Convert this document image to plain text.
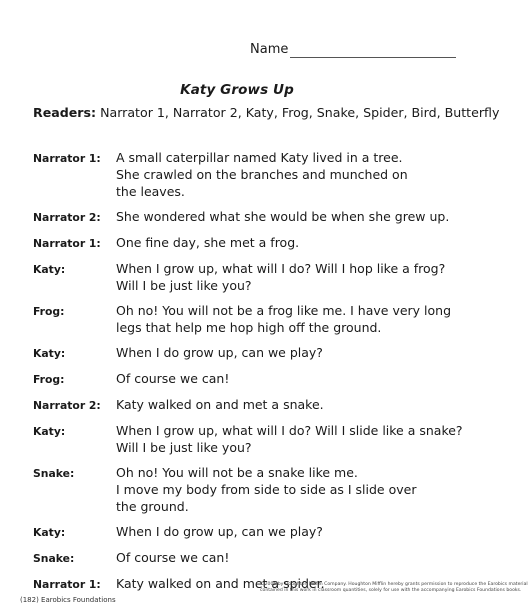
Name
Katy Grows Up
Readers: Narrator 1, Narrator 2, Katy, Frog, Snake, Spider, Bird, Butterfly
Narrator 1:	A small caterpillar named Katy lived in a tree.
She crawled on the branches and munched on
the leaves.
Narrator 2:	She wondered what she would be when she grew up.
Narrator 1:	One fine day, she met a frog.
Katy:	When I grow up, what will I do? Will I hop like a frog?
Will I be just like you?
Frog:	Oh no! You will not be a frog like me. I have very long
legs that help me hop high off the ground.
Katy:	When I do grow up, can we play?
Frog:	Of course we can!
Narrator 2:	Katy walked on and met a snake.
Katy:	When I grow up, what will I do? Will I slide like a snake?
Will I be just like you?
Snake:	Oh no! You will not be a snake like me.
I move my body from side to side as I slide over
the ground.
Katy:	When I do grow up, can we play?
Snake:	Of course we can!
Narrator 1:	Katy walked on and met a spider.
(182) Earobics Foundations
©2006 by Houghton Mifflin Company. Houghton Mifflin hereby grants permission to reproduce the Earobics material
contained in this work in classroom quantities, solely for use with the accompanying Earobics Foundations books.
